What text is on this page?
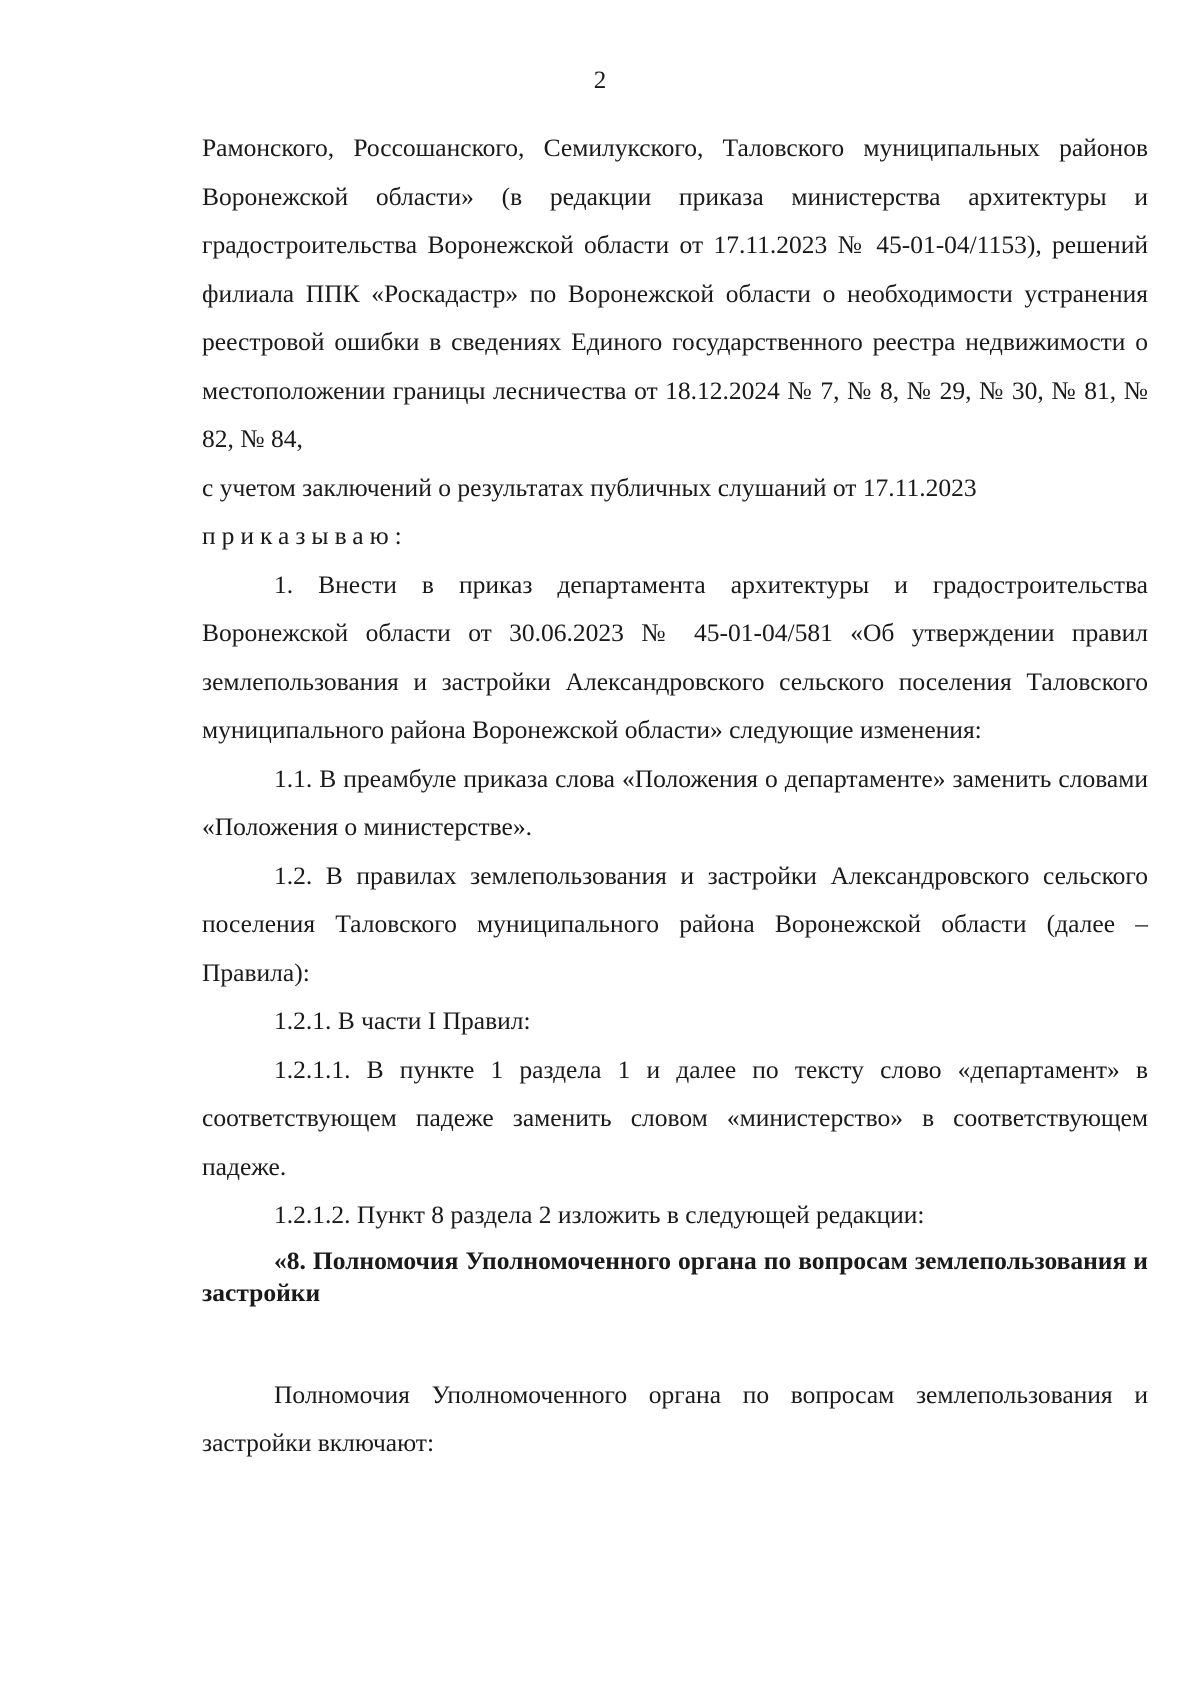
2

Рамонского, Россошанского, Семилукского, Таловского муниципальных районов Воронежской области» (в редакции приказа министерства архитектуры и градостроительства Воронежской области от 17.11.2023 № 45-01-04/1153), решений филиала ППК «Роскадастр» по Воронежской области о необходимости устранения реестровой ошибки в сведениях Единого государственного реестра недвижимости о местоположении границы лесничества от 18.12.2024 № 7, № 8, № 29, № 30, № 81, № 82, № 84,

с учетом заключений о результатах публичных слушаний от 17.11.2023

приказываю:

1. Внести в приказ департамента архитектуры и градостроительства Воронежской области от 30.06.2023 № 45-01-04/581 «Об утверждении правил землепользования и застройки Александровского сельского поселения Таловского муниципального района Воронежской области» следующие изменения:

1.1. В преамбуле приказа слова «Положения о департаменте» заменить словами «Положения о министерстве».

1.2. В правилах землепользования и застройки Александровского сельского поселения Таловского муниципального района Воронежской области (далее – Правила):

1.2.1. В части I Правил:

1.2.1.1. В пункте 1 раздела 1 и далее по тексту слово «департамент» в соответствующем падеже заменить словом «министерство» в соответствующем падеже.

1.2.1.2. Пункт 8 раздела 2 изложить в следующей редакции:

«8. Полномочия Уполномоченного органа по вопросам землепользования и застройки

Полномочия Уполномоченного органа по вопросам землепользования и застройки включают:
